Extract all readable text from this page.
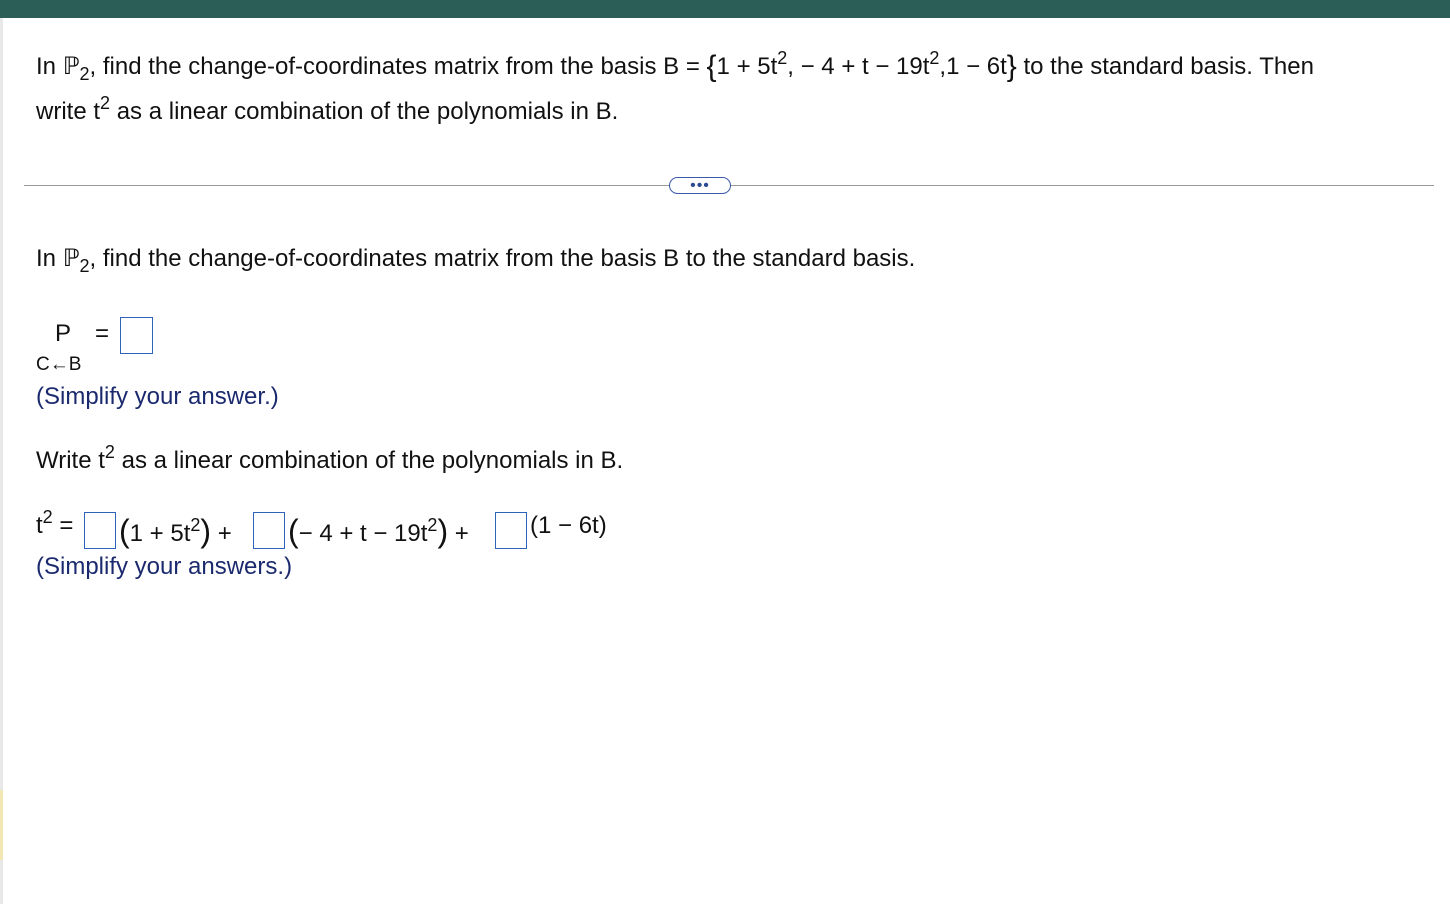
In ℙ$_2$, find the change-of-coordinates matrix from the basis $B = \{1 + 5t^2$, − $4 + t - 19t^2,1 - 6t$} to the standard basis. Then
write $t^2$ as a linear combination of the polynomials in B.
•••
In ℙ$_2$, find the change-of-coordinates matrix from the basis B to the standard basis.
P =
C←B
(Simplify your answer.)
Write $t^2$ as a linear combination of the polynomials in B.
$t^2 = (1 + 5t^2)$ + (− $4 + t - 19t^2$) +	(1 − 6t)
(Simplify your answers.)
